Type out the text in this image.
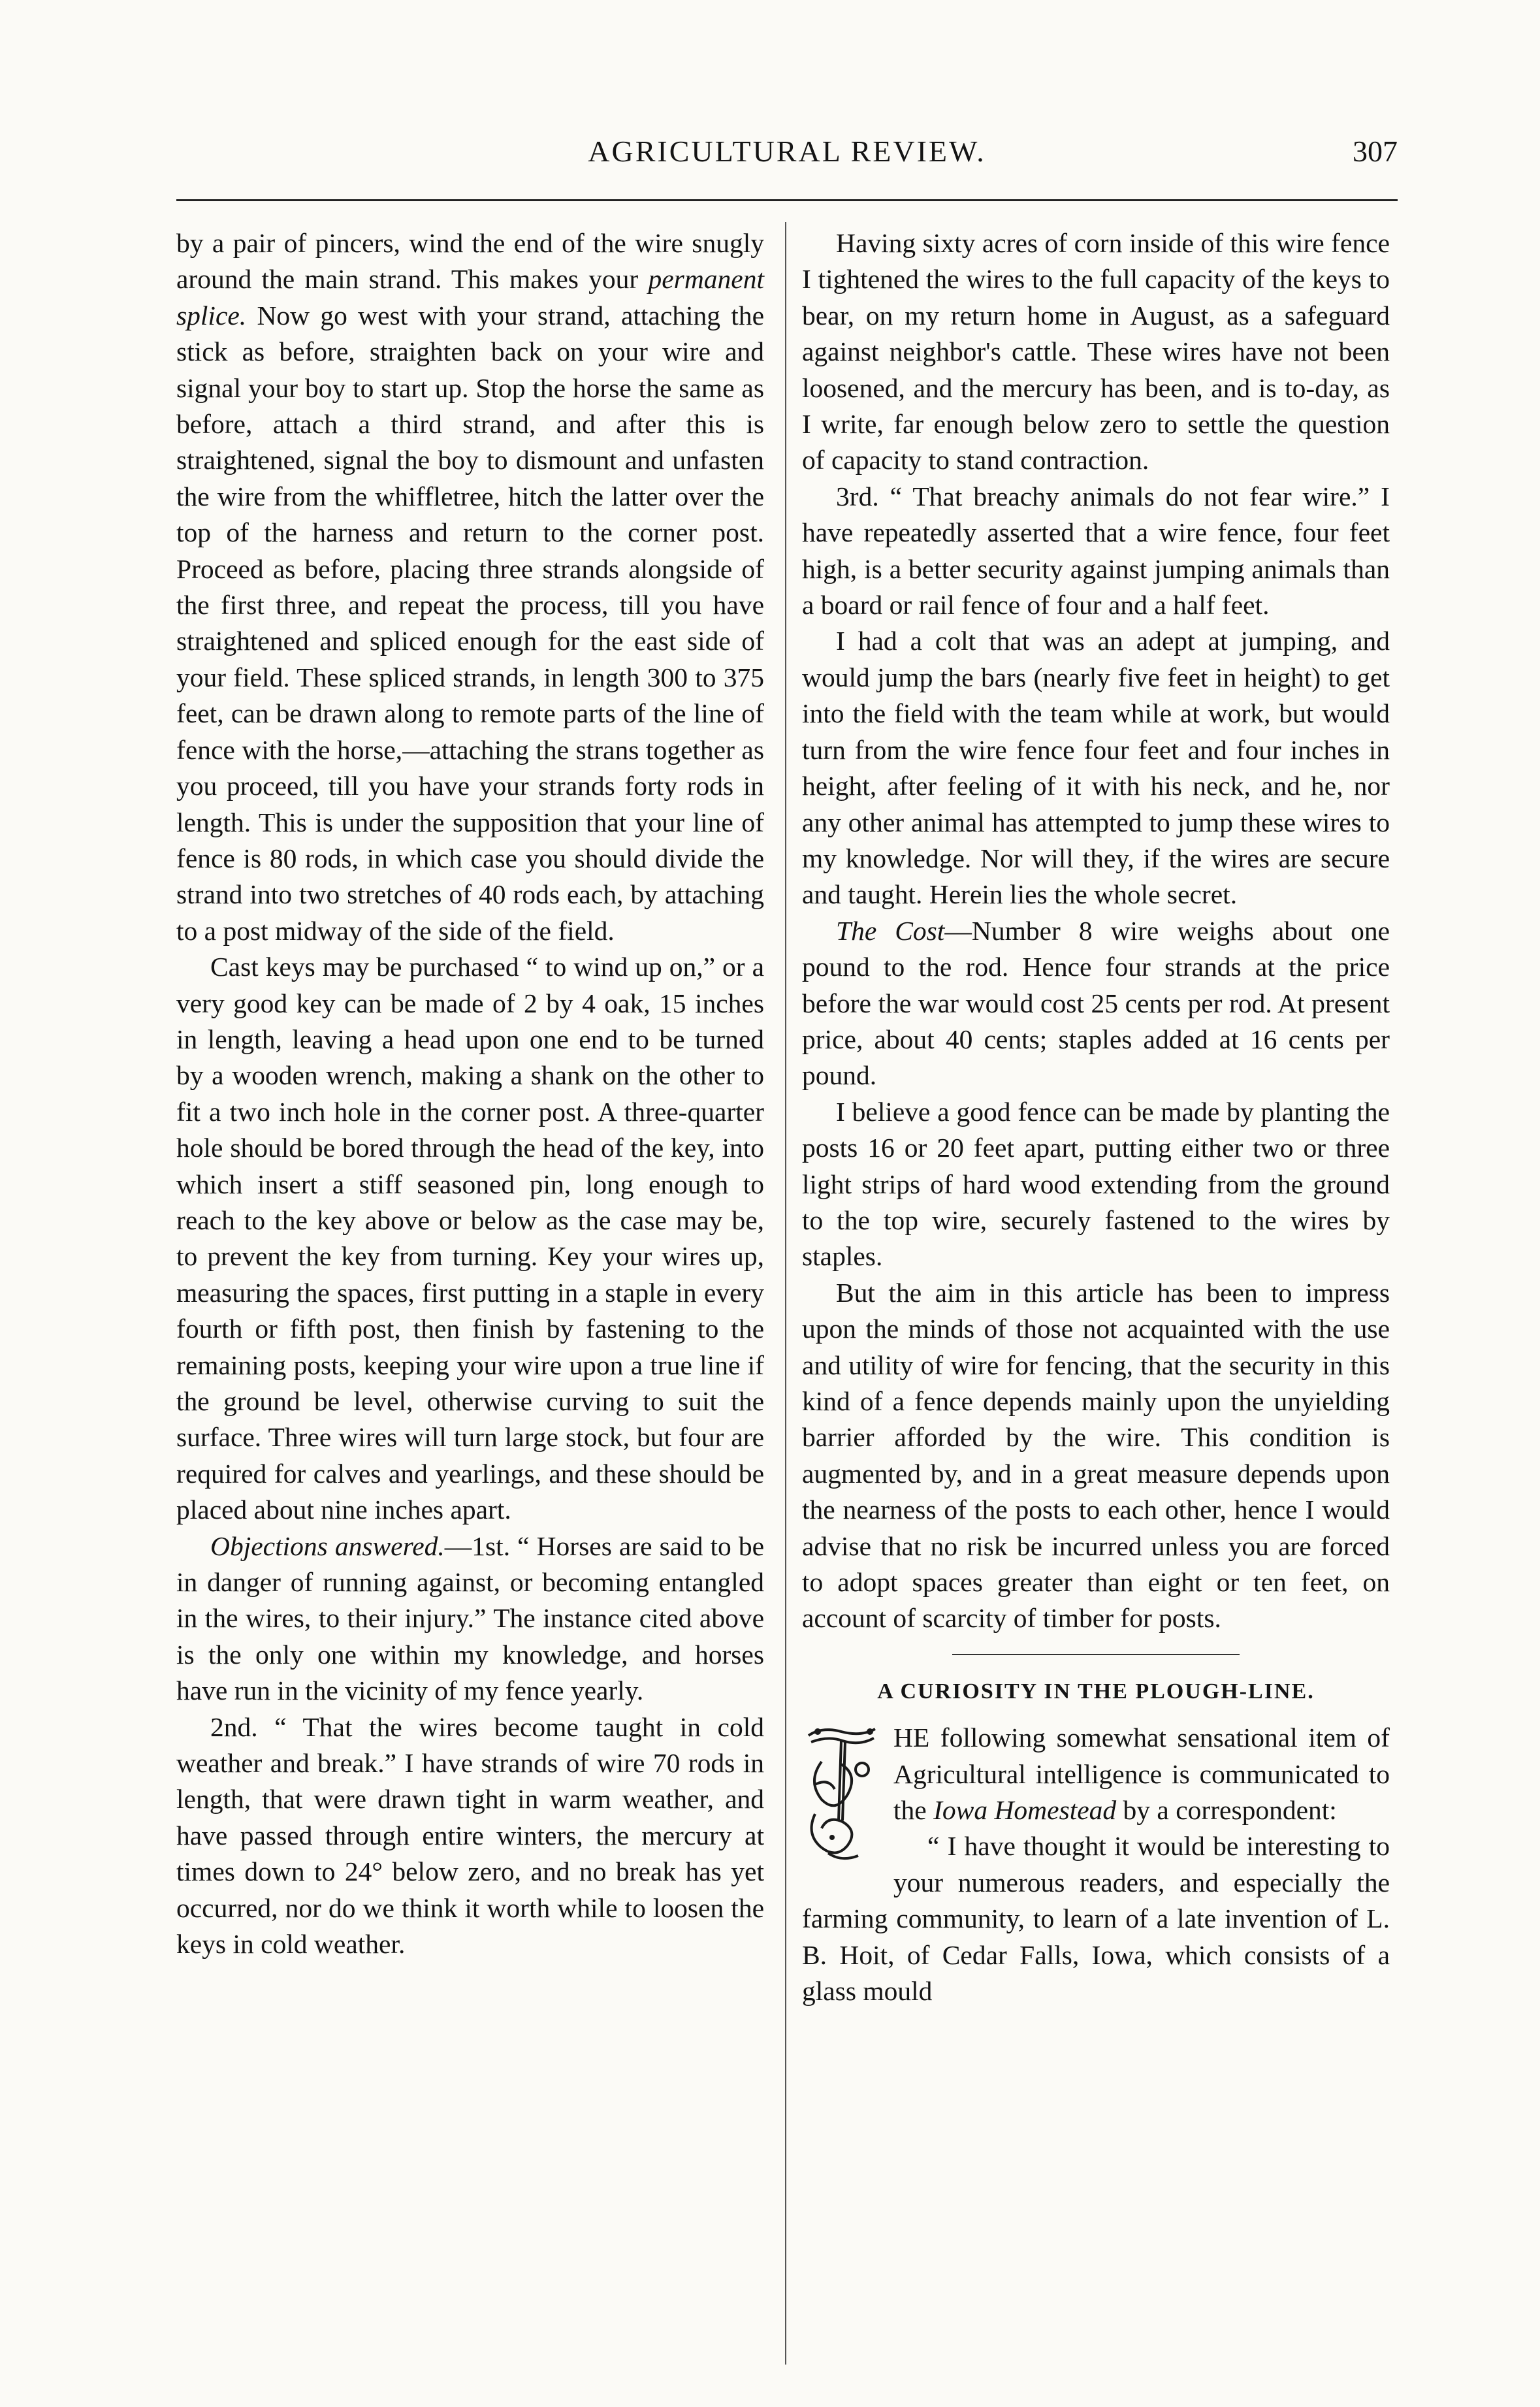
AGRICULTURAL REVIEW.	307

by a pair of pincers, wind the end of the wire snugly around the main strand. This makes your permanent splice. Now go west with your strand, attaching the stick as before, straighten back on your wire and signal your boy to start up. Stop the horse the same as before, attach a third strand, and after this is straightened, signal the boy to dismount and unfasten the wire from the whiffletree, hitch the latter over the top of the harness and return to the corner post. Proceed as before, placing three strands alongside of the first three, and repeat the process, till you have straightened and spliced enough for the east side of your field. These spliced strands, in length 300 to 375 feet, can be drawn along to remote parts of the line of fence with the horse,—attaching the strans together as you proceed, till you have your strands forty rods in length. This is under the supposition that your line of fence is 80 rods, in which case you should divide the strand into two stretches of 40 rods each, by attaching to a post midway of the side of the field.

Cast keys may be purchased “ to wind up on,” or a very good key can be made of 2 by 4 oak, 15 inches in length, leaving a head upon one end to be turned by a wooden wrench, making a shank on the other to fit a two inch hole in the corner post. A three-quarter hole should be bored through the head of the key, into which insert a stiff seasoned pin, long enough to reach to the key above or below as the case may be, to prevent the key from turning. Key your wires up, measuring the spaces, first putting in a staple in every fourth or fifth post, then finish by fastening to the remaining posts, keeping your wire upon a true line if the ground be level, otherwise curving to suit the surface. Three wires will turn large stock, but four are required for calves and yearlings, and these should be placed about nine inches apart.

Objections answered.—1st. “ Horses are said to be in danger of running against, or becoming entangled in the wires, to their injury.” The instance cited above is the only one within my knowledge, and horses have run in the vicinity of my fence yearly.

2nd. “ That the wires become taught in cold weather and break.” I have strands of wire 70 rods in length, that were drawn tight in warm weather, and have passed through entire winters, the mercury at times down to 24° below zero, and no break has yet occurred, nor do we think it worth while to loosen the keys in cold weather.

Having sixty acres of corn inside of this wire fence I tightened the wires to the full capacity of the keys to bear, on my return home in August, as a safeguard against neighbor's cattle. These wires have not been loosened, and the mercury has been, and is to-day, as I write, far enough below zero to settle the question of capacity to stand contraction.

3rd. “ That breachy animals do not fear wire.” I have repeatedly asserted that a wire fence, four feet high, is a better security against jumping animals than a board or rail fence of four and a half feet.

I had a colt that was an adept at jumping, and would jump the bars (nearly five feet in height) to get into the field with the team while at work, but would turn from the wire fence four feet and four inches in height, after feeling of it with his neck, and he, nor any other animal has attempted to jump these wires to my knowledge. Nor will they, if the wires are secure and taught. Herein lies the whole secret.

The Cost—Number 8 wire weighs about one pound to the rod. Hence four strands at the price before the war would cost 25 cents per rod. At present price, about 40 cents; staples added at 16 cents per pound.

I believe a good fence can be made by planting the posts 16 or 20 feet apart, putting either two or three light strips of hard wood extending from the ground to the top wire, securely fastened to the wires by staples.

But the aim in this article has been to impress upon the minds of those not acquainted with the use and utility of wire for fencing, that the security in this kind of a fence depends mainly upon the unyielding barrier afforded by the wire. This condition is augmented by, and in a great measure depends upon the nearness of the posts to each other, hence I would advise that no risk be incurred unless you are forced to adopt spaces greater than eight or ten feet, on account of scarcity of timber for posts.

A CURIOSITY IN THE PLOUGH-LINE.

HE following somewhat sensational item of Agricultural intelligence is communicated to the Iowa Homestead by a correspondent:

“ I have thought it would be interesting to your numerous readers, and especially the farming community, to learn of a late invention of L. B. Hoit, of Cedar Falls, Iowa, which consists of a glass mould
